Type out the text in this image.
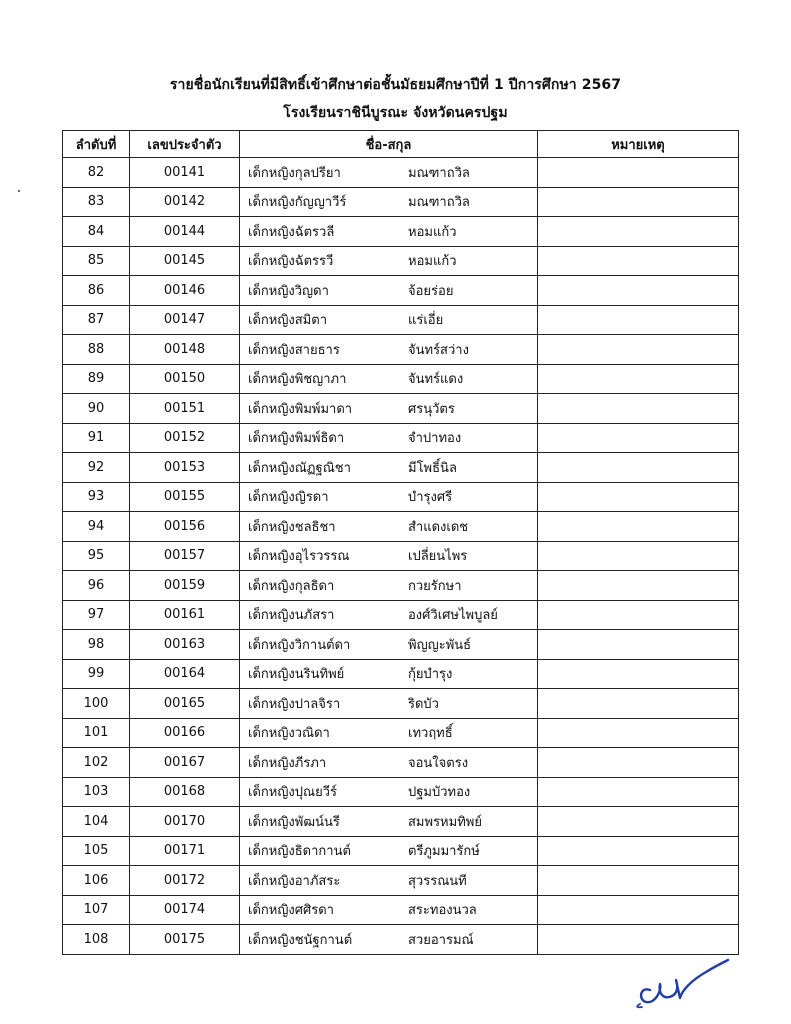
รายชื่อนักเรียนที่มีสิทธิ์เข้าศึกษาต่อชั้นมัธยมศึกษาปีที่ 1 ปีการศึกษา 2567
โรงเรียนราชินีบูรณะ จังหวัดนครปฐม
ลำดับที่	เลขประจำตัว	ชื่อ-สกุล	หมายเหตุ
82	00141	เด็กหญิงกุลปรียา มณฑาถวิล	

83	00142	เด็กหญิงกัญญาวีร์ มณฑาถวิล	

84	00144	เด็กหญิงฉัตรวลี หอมแก้ว	

85	00145	เด็กหญิงฉัตรรวี หอมแก้ว	

86	00146	เด็กหญิงวิญดา จ้อยร่อย	

87	00147	เด็กหญิงสมิตา แร่เอี่ย	

88	00148	เด็กหญิงสายธาร จันทร์สว่าง	

89	00150	เด็กหญิงพิชญาภา จันทร์แดง	

90	00151	เด็กหญิงพิมพ์มาดา ศรนุวัตร	

91	00152	เด็กหญิงพิมพ์ธิดา จำปาทอง	

92	00153	เด็กหญิงณัฏฐณิชา มีโพธิ์นิล	

93	00155	เด็กหญิงญิรดา บำรุงศรี	

94	00156	เด็กหญิงชลธิชา สำแดงเดช	

95	00157	เด็กหญิงอุไรวรรณ เปลี่ยนไพร	

96	00159	เด็กหญิงกุลธิดา กวยรักษา	

97	00161	เด็กหญิงนภัสรา องศ์วิเศษไพบูลย์	

98	00163	เด็กหญิงวิกานต์ดา พิญญะพันธ์	

99	00164	เด็กหญิงนรินทิพย์ กุ้ยบำรุง	

100	00165	เด็กหญิงปาลจิรา ริดบัว	

101	00166	เด็กหญิงวณิดา เทวฤทธิ์	

102	00167	เด็กหญิงภีรภา จอนใจตรง	

103	00168	เด็กหญิงปุณยวีร์ ปฐมบัวทอง	

104	00170	เด็กหญิงพัฒน์นรี สมพรหมทิพย์	

105	00171	เด็กหญิงธิดากานต์ ตรีภูมมารักษ์	

106	00172	เด็กหญิงอาภัสระ สุวรรณนที	

107	00174	เด็กหญิงศศิรดา สระทองนวล	

108	00175	เด็กหญิงชนัฐกานต์ สวยอารมณ์	
